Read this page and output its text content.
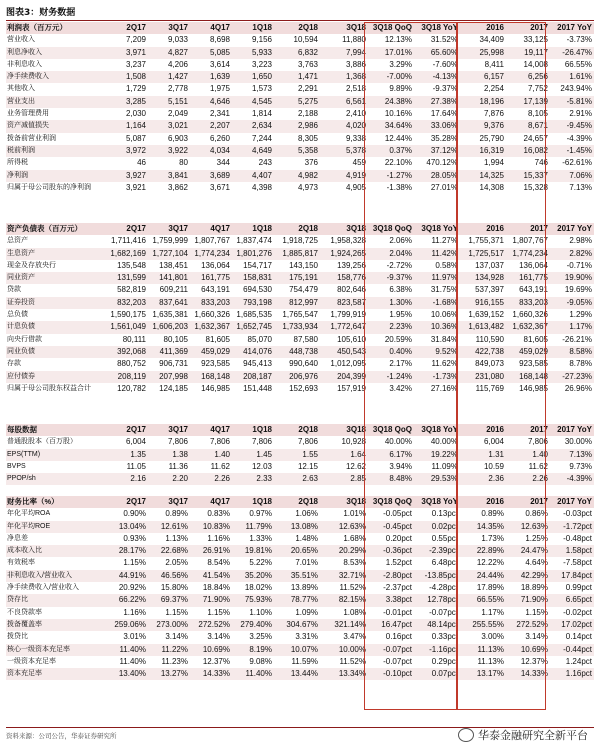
图表3：财务数据
利润表（百万元）	2Q17	3Q17	4Q17	1Q18	2Q18	3Q18	3Q18 QoQ	3Q18 YoY	2016	2017	2017 YoY
营业收入	7,209	9,033	8,698	9,156	10,594	11,880	12.13%	31.52%	34,409	33,125	-3.73%
利息净收入	3,971	4,827	5,085	5,933	6,832	7,994	17.01%	65.60%	25,998	19,117	-26.47%
非利息收入	3,237	4,206	3,614	3,223	3,763	3,886	3.29%	-7.60%	8,411	14,008	66.55%
净手续费收入	1,508	1,427	1,639	1,650	1,471	1,368	-7.00%	-4.13%	6,157	6,256	1.61%
其他收入	1,729	2,778	1,975	1,573	2,291	2,518	9.89%	-9.37%	2,254	7,752	243.94%
营业支出	3,285	5,151	4,646	4,545	5,275	6,561	24.38%	27.38%	18,196	17,139	-5.81%
业务管理费用	2,030	2,049	2,341	1,814	2,188	2,410	10.16%	17.64%	7,876	8,105	2.91%
资产减值损失	1,164	3,021	2,207	2,634	2,986	4,020	34.64%	33.06%	9,376	8,671	-9.45%
拨备前营业利润	5,087	6,903	6,260	7,244	8,305	9,338	12.44%	35.28%	25,790	24,657	-4.39%
税前利润	3,972	3,922	4,034	4,649	5,358	5,378	0.37%	37.12%	16,319	16,082	-1.45%
所得税	46	80	344	243	376	459	22.10%	470.12%	1,994	746	-62.61%
净利润	3,927	3,841	3,689	4,407	4,982	4,919	-1.27%	28.05%	14,325	15,337	7.06%
归属于母公司股东的净利润	3,921	3,862	3,671	4,398	4,973	4,905	-1.38%	27.01%	14,308	15,328	7.13%
资产负债表（百万元）	2Q17	3Q17	4Q17	1Q18	2Q18	3Q18	3Q18 QoQ	3Q18 YoY	2016	2017	2017 YoY
总资产	1,711,416	1,759,999	1,807,767	1,837,474	1,918,725	1,958,328	2.06%	11.27%	1,755,371	1,807,767	2.98%
生息资产	1,682,169	1,727,104	1,774,234	1,801,276	1,885,817	1,924,265	2.04%	11.42%	1,725,517	1,774,234	2.82%
现金及存放央行	135,548	138,451	136,064	154,717	143,150	139,256	-2.72%	0.58%	137,037	136,064	-0.71%
同业资产	131,599	141,801	161,775	158,831	175,191	158,776	-9.37%	11.97%	134,928	161,775	19.90%
贷款	582,819	609,211	643,191	694,530	754,479	802,646	6.38%	31.75%	537,397	643,191	19.69%
证券投资	832,203	837,641	833,203	793,198	812,997	823,587	1.30%	-1.68%	916,155	833,203	-9.05%
总负债	1,590,175	1,635,381	1,660,326	1,685,535	1,765,547	1,799,919	1.95%	10.06%	1,639,152	1,660,326	1.29%
计息负债	1,561,049	1,606,203	1,632,367	1,652,745	1,733,934	1,772,647	2.23%	10.36%	1,613,482	1,632,367	1.17%
向央行借款	80,111	80,105	81,605	85,070	87,580	105,610	20.59%	31.84%	110,590	81,605	-26.21%
同业负债	392,068	411,369	459,029	414,076	448,738	450,543	0.40%	9.52%	422,738	459,029	8.58%
存款	880,752	906,731	923,585	945,413	990,640	1,012,095	2.17%	11.62%	849,073	923,585	8.78%
应付债券	208,119	207,998	168,148	208,187	206,976	204,399	-1.24%	-1.73%	231,080	168,148	-27.23%
归属于母公司股东权益合计	120,782	124,185	146,985	151,448	152,693	157,919	3.42%	27.16%	115,769	146,985	26.96%
每股数据	2Q17	3Q17	4Q17	1Q18	2Q18	3Q18	3Q18 QoQ	3Q18 YoY	2016	2017	2017 YoY
普通股股本（百万股）	6,004	7,806	7,806	7,806	7,806	10,928	40.00%	40.00%	6,004	7,806	30.00%
EPS(TTM)	1.35	1.38	1.40	1.45	1.55	1.64	6.17%	19.22%	1.31	1.40	7.13%
BVPS	11.05	11.36	11.62	12.03	12.15	12.62	3.94%	11.09%	10.59	11.62	9.73%
PPOP/sh	2.16	2.20	2.26	2.33	2.63	2.85	8.48%	29.53%	2.36	2.26	-4.39%
财务比率（%）	2Q17	3Q17	4Q17	1Q18	2Q18	3Q18	3Q18 QoQ	3Q18 YoY	2016	2017	2017 YoY
年化平均ROA	0.90%	0.89%	0.83%	0.97%	1.06%	1.01%	-0.05pct	0.13pct	0.89%	0.86%	-0.03pct
年化平均ROE	13.04%	12.61%	10.83%	11.79%	13.08%	12.63%	-0.45pct	0.02pct	14.35%	12.63%	-1.72pct
净息差	0.93%	1.13%	1.16%	1.33%	1.48%	1.68%	0.20pct	0.55pct	1.73%	1.25%	-0.48pct
成本收入比	28.17%	22.68%	26.91%	19.81%	20.65%	20.29%	-0.36pct	-2.39pct	22.89%	24.47%	1.58pct
有效税率	1.15%	2.05%	8.54%	5.22%	7.01%	8.53%	1.52pct	6.48pct	12.22%	4.64%	-7.58pct
非利息收入/营业收入	44.91%	46.56%	41.54%	35.20%	35.51%	32.71%	-2.80pct	-13.85pct	24.44%	42.29%	17.84pct
净手续费收入/营业收入	20.92%	15.80%	18.84%	18.02%	13.89%	11.52%	-2.37pct	-4.28pct	17.89%	18.89%	0.99pct
贷存比	66.22%	69.37%	71.90%	75.93%	78.77%	82.15%	3.38pct	12.78pct	66.55%	71.90%	6.65pct
不良贷款率	1.16%	1.15%	1.15%	1.10%	1.09%	1.08%	-0.01pct	-0.07pct	1.17%	1.15%	-0.02pct
拨备覆盖率	259.06%	273.00%	272.52%	279.40%	304.67%	321.14%	16.47pct	48.14pct	255.55%	272.52%	17.02pct
拨贷比	3.01%	3.14%	3.14%	3.25%	3.31%	3.47%	0.16pct	0.33pct	3.00%	3.14%	0.14pct
核心一级资本充足率	11.40%	11.22%	10.69%	8.19%	10.07%	10.00%	-0.07pct	-1.16pct	11.13%	10.69%	-0.44pct
一级资本充足率	11.40%	11.23%	12.37%	9.08%	11.59%	11.52%	-0.07pct	0.29pct	11.13%	12.37%	1.24pct
资本充足率	13.40%	13.27%	14.33%	11.40%	13.44%	13.34%	-0.10pct	0.07pct	13.17%	14.33%	1.16pct
资料来源：公司公告，华泰证券研究所	华泰金融研究全新平台
